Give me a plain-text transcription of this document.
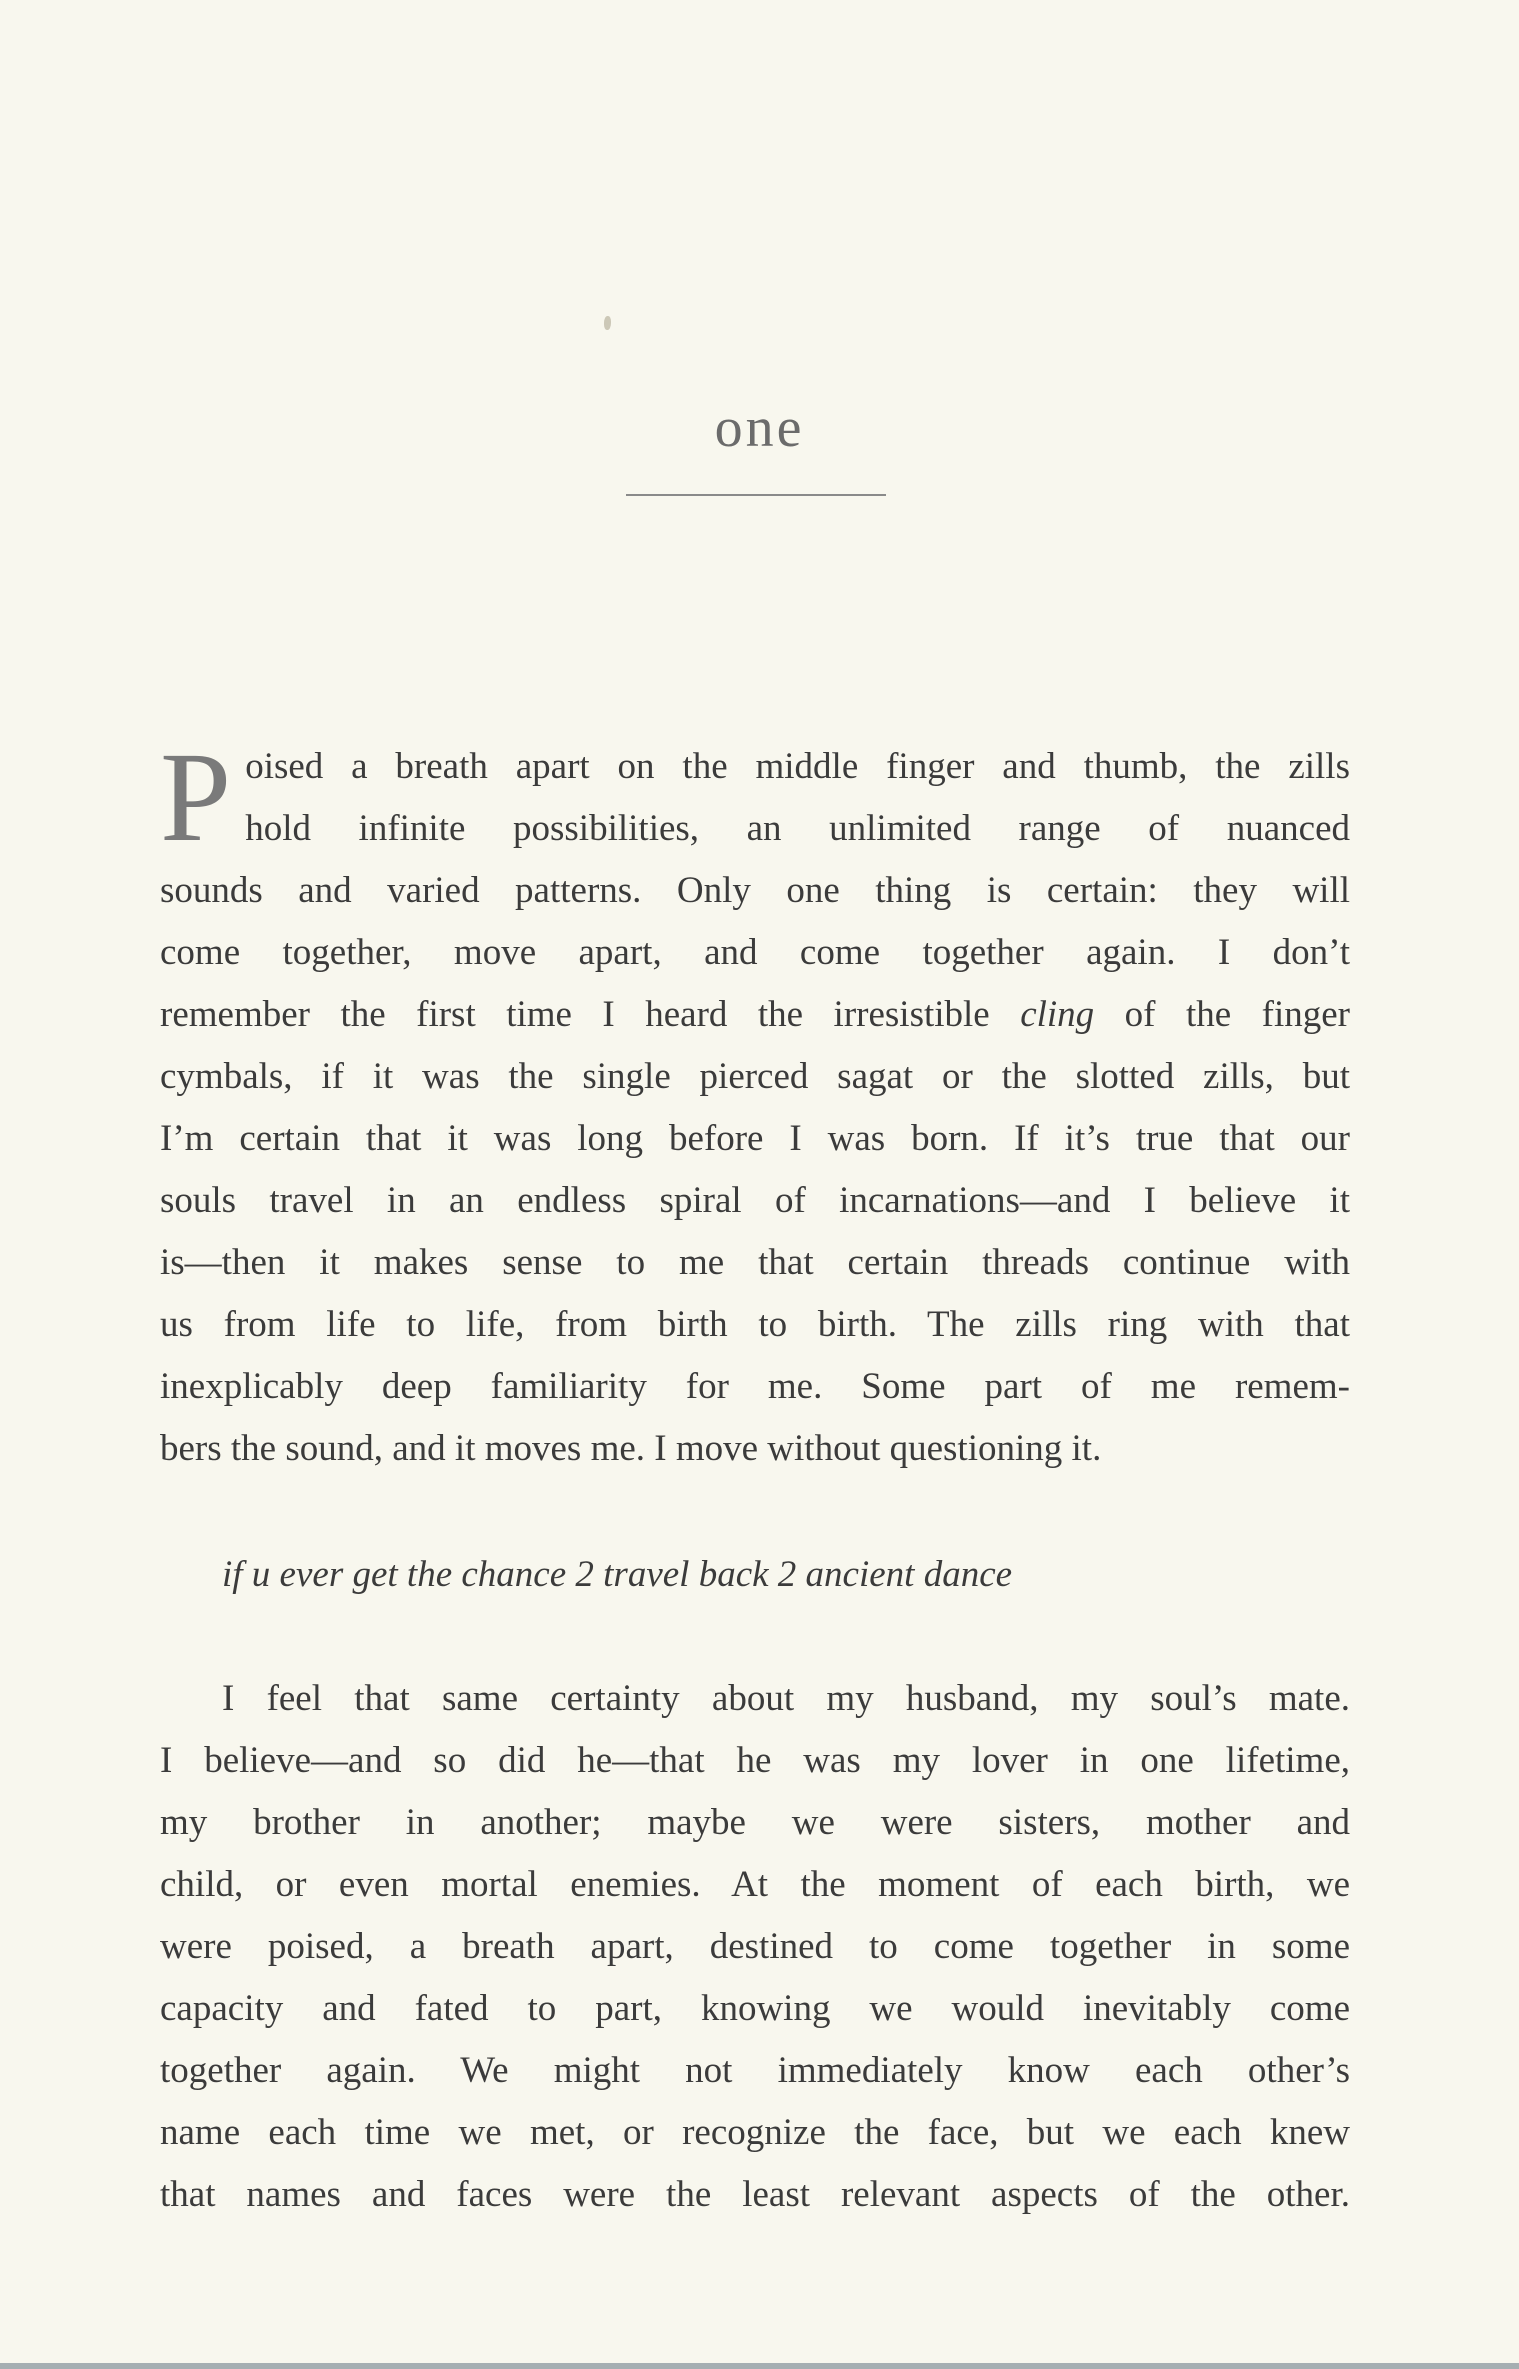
one
P oised a breath apart on the middle finger and thumb, the zills
hold infinite possibilities, an unlimited range of nuanced
sounds and varied patterns. Only one thing is certain: they will
come together, move apart, and come together again. I don’t
remember the first time I heard the irresistible cling of the finger
cymbals, if it was the single pierced sagat or the slotted zills, but
I’m certain that it was long before I was born. If it’s true that our
souls travel in an endless spiral of incarnations—and I believe it
is—then it makes sense to me that certain threads continue with
us from life to life, from birth to birth. The zills ring with that
inexplicably deep familiarity for me. Some part of me remem-
bers the sound, and it moves me. I move without questioning it.
if u ever get the chance 2 travel back 2 ancient dance
I feel that same certainty about my husband, my soul’s mate.
I believe—and so did he—that he was my lover in one lifetime,
my brother in another; maybe we were sisters, mother and
child, or even mortal enemies. At the moment of each birth, we
were poised, a breath apart, destined to come together in some
capacity and fated to part, knowing we would inevitably come
together again. We might not immediately know each other’s
name each time we met, or recognize the face, but we each knew
that names and faces were the least relevant aspects of the other.
